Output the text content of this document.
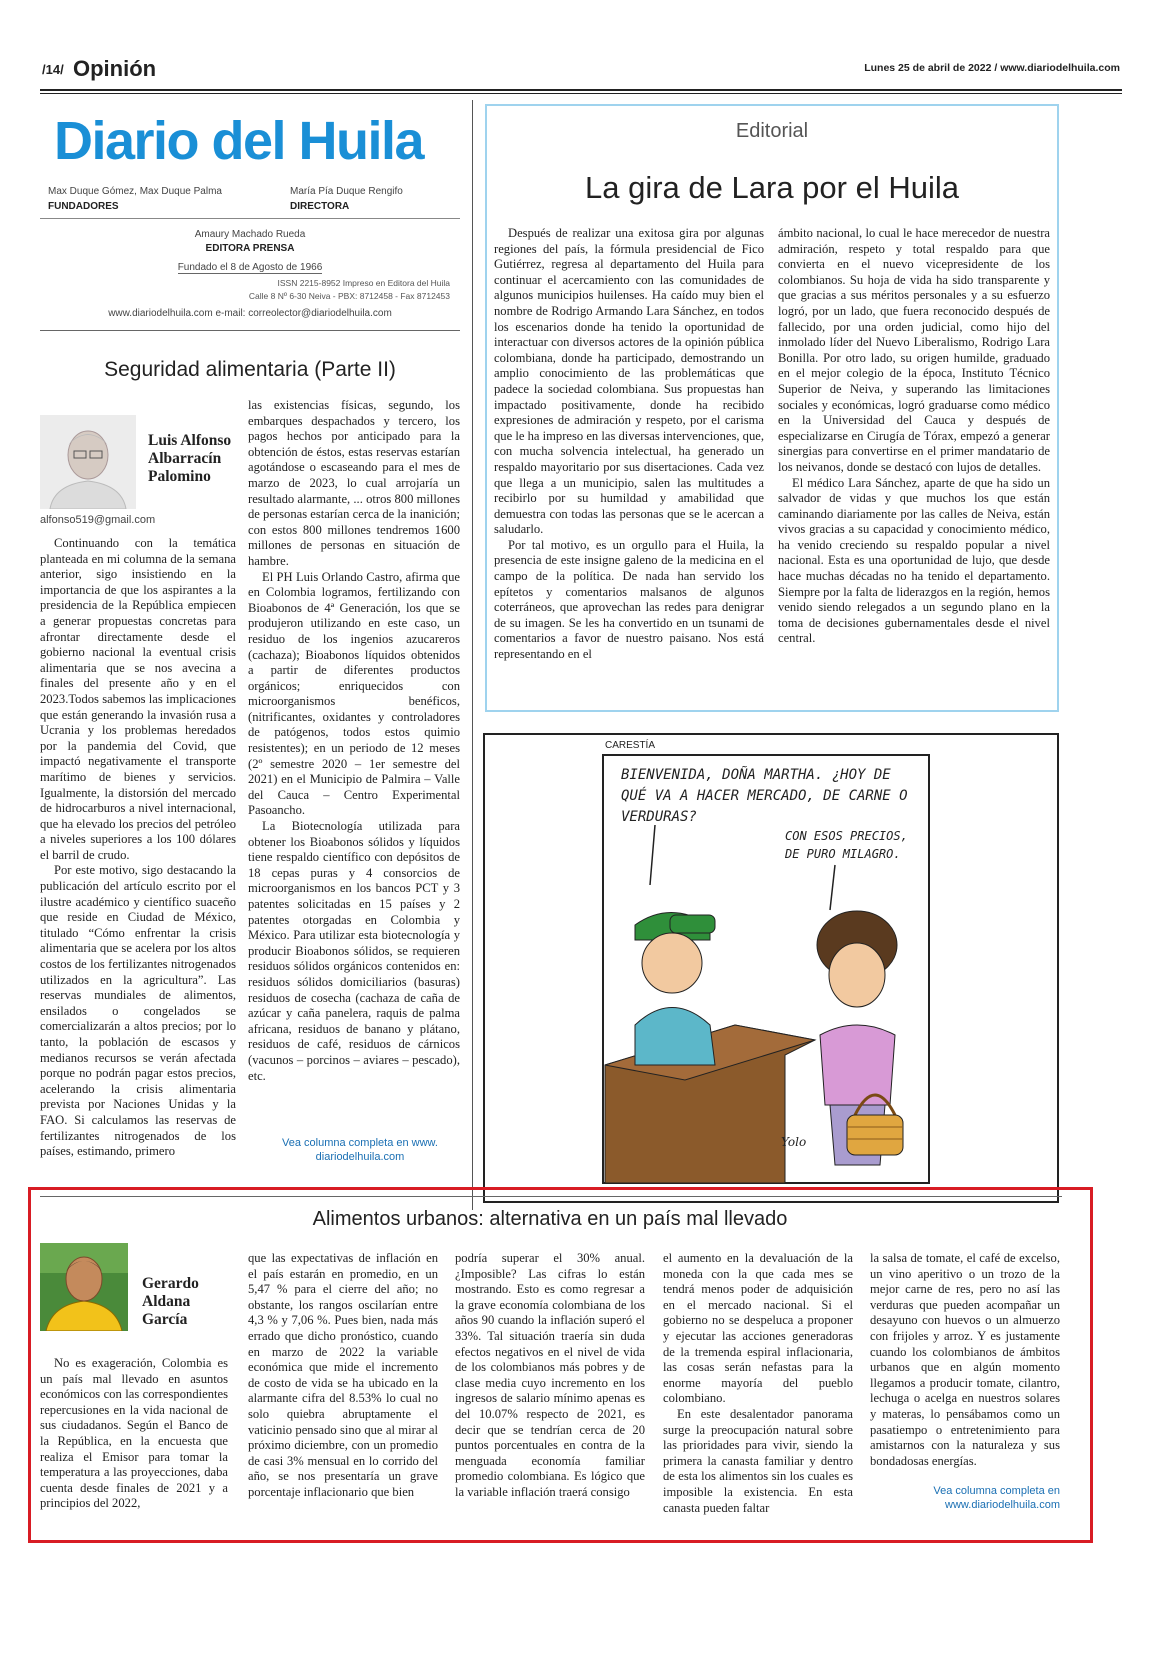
/14/ Opinión	Lunes 25 de abril de 2022 / www.diariodelhuila.com
Diario del Huila
Max Duque Gómez, Max Duque Palma
FUNDADORES
María Pía Duque Rengifo
DIRECTORA
Amaury Machado Rueda
EDITORA PRENSA
Fundado el 8 de Agosto de 1966
ISSN 2215-8952 Impreso en Editora del Huila
Calle 8 Nº 6-30 Neiva - PBX: 8712458 - Fax 8712453
www.diariodelhuila.com e-mail: correolector@diariodelhuila.com
Seguridad alimentaria (Parte II)
Luis Alfonso Albarracín Palomino
alfonso519@gmail.com

Continuando con la temática planteada en mi columna de la semana anterior, sigo insistiendo en la importancia de que los aspirantes a la presidencia de la República empiecen a generar propuestas concretas para afrontar directamente desde el gobierno nacional la eventual crisis alimentaria que se nos avecina a finales del presente año y en el 2023.Todos sabemos las implicaciones que están generando la invasión rusa a Ucrania y los problemas heredados por la pandemia del Covid, que impactó negativamente el transporte marítimo de bienes y servicios. Igualmente, la distorsión del mercado de hidrocarburos a nivel internacional, que ha elevado los precios del petróleo a niveles superiores a los 100 dólares el barril de crudo.

Por este motivo, sigo destacando la publicación del artículo escrito por el ilustre académico y científico suaceño que reside en Ciudad de México, titulado “Cómo enfrentar la crisis alimentaria que se acelera por los altos costos de los fertilizantes nitrogenados utilizados en la agricultura”. Las reservas mundiales de alimentos, ensilados o congelados se comercializarán a altos precios; por lo tanto, la población de escasos y medianos recursos se verán afectada porque no podrán pagar estos precios, acelerando la crisis alimentaria prevista por Naciones Unidas y la FAO. Si calculamos las reservas de fertilizantes nitrogenados de los países, estimando, primero

las existencias físicas, segundo, los embarques despachados y tercero, los pagos hechos por anticipado para la obtención de éstos, estas reservas estarían agotándose o escaseando para el mes de marzo de 2023, lo cual arrojaría un resultado alarmante, ... otros 800 millones de personas estarían cerca de la inanición; con estos 800 millones tendremos 1600 millones de personas en situación de hambre.

El PH Luis Orlando Castro, afirma que en Colombia logramos, fertilizando con Bioabonos de 4ª Generación, los que se produjeron utilizando en este caso, un residuo de los ingenios azucareros (cachaza); Bioabonos líquidos obtenidos a partir de diferentes productos orgánicos; enriquecidos con microorganismos benéficos, (nitrificantes, oxidantes y controladores de patógenos, todos estos quimio resistentes); en un periodo de 12 meses (2º semestre 2020 – 1er semestre del 2021) en el Municipio de Palmira – Valle del Cauca – Centro Experimental Pasoancho.

La Biotecnología utilizada para obtener los Bioabonos sólidos y líquidos tiene respaldo científico con depósitos de 18 cepas puras y 4 consorcios de microorganismos en los bancos PCT y 3 patentes solicitadas en 15 países y 2 patentes otorgadas en Colombia y México. Para utilizar esta biotecnología y producir Bioabonos sólidos, se requieren residuos sólidos orgánicos contenidos en: residuos sólidos domiciliarios (basuras) residuos de cosecha (cachaza de caña de azúcar y caña panelera, raquis de palma africana, residuos de banano y plátano, residuos de café, residuos de cárnicos (vacunos – porcinos – aviares – pescado), etc.

Vea columna completa en www. diariodelhuila.com
Editorial
La gira de Lara por el Huila

Después de realizar una exitosa gira por algunas regiones del país, la fórmula presidencial de Fico Gutiérrez, regresa al departamento del Huila para continuar el acercamiento con las comunidades de algunos municipios huilenses. Ha caído muy bien el nombre de Rodrigo Armando Lara Sánchez, en todos los escenarios donde ha tenido la oportunidad de interactuar con diversos actores de la opinión pública colombiana, donde ha participado, demostrando un amplio conocimiento de las problemáticas que padece la sociedad colombiana. Sus propuestas han impactado positivamente, donde ha recibido expresiones de admiración y respeto, por el carisma que le ha impreso en las diversas intervenciones, que, con mucha solvencia intelectual, ha generado un respaldo mayoritario por sus disertaciones. Cada vez que llega a un municipio, salen las multitudes a recibirlo por su humildad y amabilidad que demuestra con todas las personas que se le acercan a saludarlo.

Por tal motivo, es un orgullo para el Huila, la presencia de este insigne galeno de la medicina en el campo de la política. De nada han servido los epítetos y comentarios malsanos de algunos coterráneos, que aprovechan las redes para denigrar de su imagen. Se les ha convertido en un tsunami de comentarios a favor de nuestro paisano. Nos está representando en el

ámbito nacional, lo cual le hace merecedor de nuestra admiración, respeto y total respaldo para que convierta en el nuevo vicepresidente de los colombianos. Su hoja de vida ha sido transparente y que gracias a sus méritos personales y a su esfuerzo logró, por un lado, que fuera reconocido después de fallecido, por una orden judicial, como hijo del inmolado líder del Nuevo Liberalismo, Rodrigo Lara Bonilla. Por otro lado, su origen humilde, graduado en el mejor colegio de la época, Instituto Técnico Superior de Neiva, y superando las limitaciones sociales y económicas, logró graduarse como médico en la Universidad del Cauca y después de especializarse en Cirugía de Tórax, empezó a generar sinergias para convertirse en el primer mandatario de los neivanos, donde se destacó con lujos de detalles.

El médico Lara Sánchez, aparte de que ha sido un salvador de vidas y que muchos los que están caminando diariamente por las calles de Neiva, están vivos gracias a su capacidad y conocimiento médico, ha venido creciendo su respaldo popular a nivel nacional. Esta es una oportunidad de lujo, que desde hace muchas décadas no ha tenido el departamento. Siempre por la falta de liderazgos en la región, hemos venido siendo relegados a un segundo plano en la toma de decisiones gubernamentales desde el nivel central.

CARESTÍA
BIENVENIDA, DOÑA MARTHA. ¿HOY DE QUÉ VA A HACER MERCADO, DE CARNE O VERDURAS?
CON ESOS PRECIOS, DE PURO MILAGRO.
Yolo
Alimentos urbanos: alternativa en un país mal llevado
Gerardo Aldana García

No es exageración, Colombia es un país mal llevado en asuntos económicos con las correspondientes repercusiones en la vida nacional de sus ciudadanos. Según el Banco de la República, en la encuesta que realiza el Emisor para tomar la temperatura a las proyecciones, daba cuenta desde finales de 2021 y a principios del 2022,

que las expectativas de inflación en el país estarán en promedio, en un 5,47 % para el cierre del año; no obstante, los rangos oscilarían entre 4,3 % y 7,06 %. Pues bien, nada más errado que dicho pronóstico, cuando en marzo de 2022 la variable económica que mide el incremento de costo de vida se ha ubicado en la alarmante cifra del 8.53% lo cual no solo quiebra abruptamente el vaticinio pensado sino que al mirar al próximo diciembre, con un promedio de casi 3% mensual en lo corrido del año, se nos presentaría un grave porcentaje inflacionario que bien

podría superar el 30% anual. ¿Imposible? Las cifras lo están mostrando. Esto es como regresar a la grave economía colombiana de los años 90 cuando la inflación superó el 33%. Tal situación traería sin duda efectos negativos en el nivel de vida de los colombianos más pobres y de clase media cuyo incremento en los ingresos de salario mínimo apenas es del 10.07% respecto de 2021, es decir que se tendrían cerca de 20 puntos porcentuales en contra de la menguada economía familiar promedio colombiana. Es lógico que la variable inflación traerá consigo

el aumento en la devaluación de la moneda con la que cada mes se tendrá menos poder de adquisición en el mercado nacional. Si el gobierno no se despeluca a proponer y ejecutar las acciones generadoras de la tremenda espiral inflacionaria, las cosas serán nefastas para la enorme mayoría del pueblo colombiano.

En este desalentador panorama surge la preocupación natural sobre las prioridades para vivir, siendo la primera la canasta familiar y dentro de esta los alimentos sin los cuales es imposible la existencia. En esta canasta pueden faltar

la salsa de tomate, el café de excelso, un vino aperitivo o un trozo de la mejor carne de res, pero no así las verduras que pueden acompañar un desayuno con huevos o un almuerzo con frijoles y arroz. Y es justamente cuando los colombianos de ámbitos urbanos que en algún momento llegamos a producir tomate, cilantro, lechuga o acelga en nuestros solares y materas, lo pensábamos como un pasatiempo o entretenimiento para amistarnos con la naturaleza y sus bondadosas energías.

Vea columna completa en www.diariodelhuila.com
